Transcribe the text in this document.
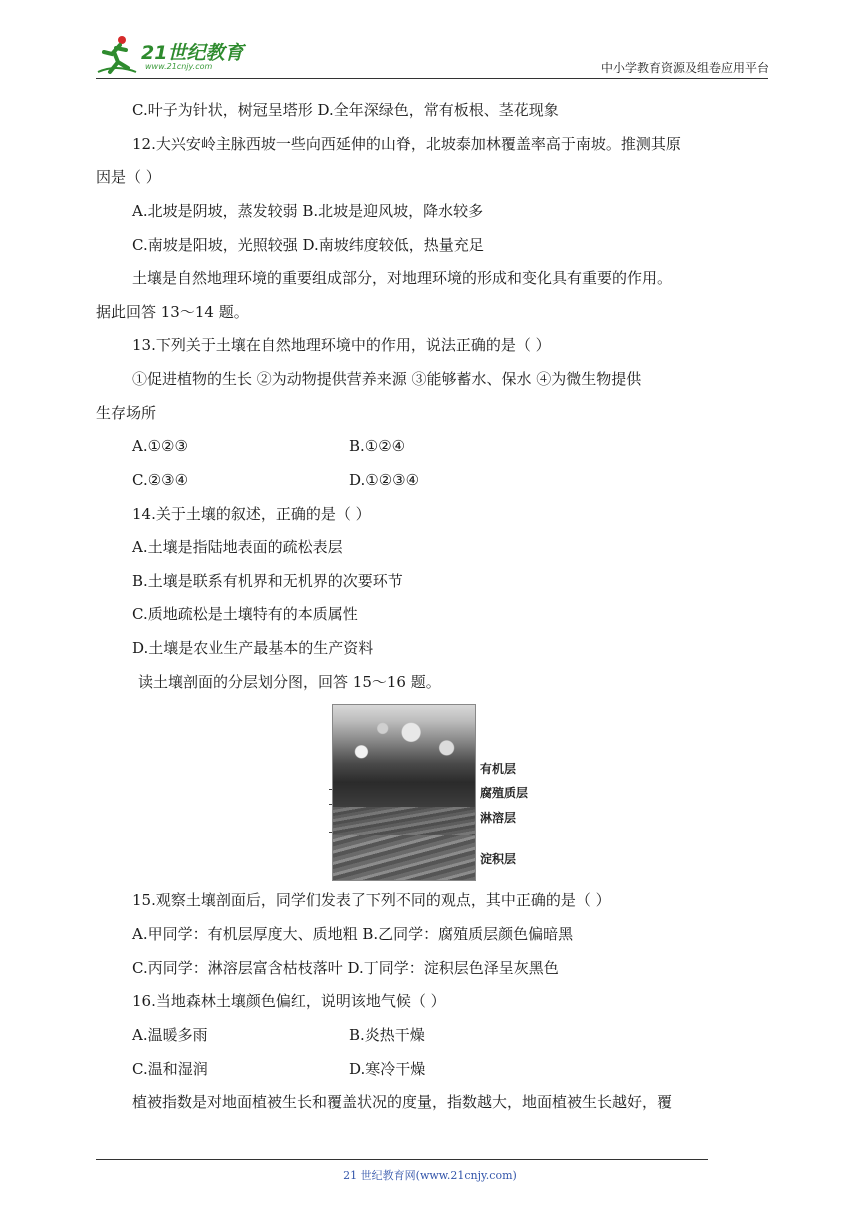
21世纪教育
www.21cnjy.com	中小学教育资源及组卷应用平台
C.叶子为针状，树冠呈塔形 D.全年深绿色，常有板根、茎花现象
12.大兴安岭主脉西坡一些向西延伸的山脊，北坡泰加林覆盖率高于南坡。推测其原
因是（ ）
A.北坡是阴坡，蒸发较弱 B.北坡是迎风坡，降水较多
C.南坡是阳坡，光照较强 D.南坡纬度较低，热量充足
土壤是自然地理环境的重要组成部分，对地理环境的形成和变化具有重要的作用。
据此回答 13～14 题。
13.下列关于土壤在自然地理环境中的作用，说法正确的是（ ）
①促进植物的生长 ②为动物提供营养来源 ③能够蓄水、保水 ④为微生物提供
生存场所
A.①②③	B.①②④
C.②③④	D.①②③④
14.关于土壤的叙述，正确的是（ ）
A.土壤是指陆地表面的疏松表层
B.土壤是联系有机界和无机界的次要环节
C.质地疏松是土壤特有的本质属性
D.土壤是农业生产最基本的生产资料
读土壤剖面的分层划分图，回答 15～16 题。
15.观察土壤剖面后，同学们发表了下列不同的观点，其中正确的是（ ）
A.甲同学：有机层厚度大、质地粗 B.乙同学：腐殖质层颜色偏暗黑
C.丙同学：淋溶层富含枯枝落叶 D.丁同学：淀积层色泽呈灰黑色
16.当地森林土壤颜色偏红，说明该地气候（ ）
A.温暖多雨	B.炎热干燥
C.温和湿润	D.寒冷干燥
植被指数是对地面植被生长和覆盖状况的度量，指数越大，地面植被生长越好，覆
有机层
腐殖质层
淋溶层
淀积层
21 世纪教育网(www.21cnjy.com)
